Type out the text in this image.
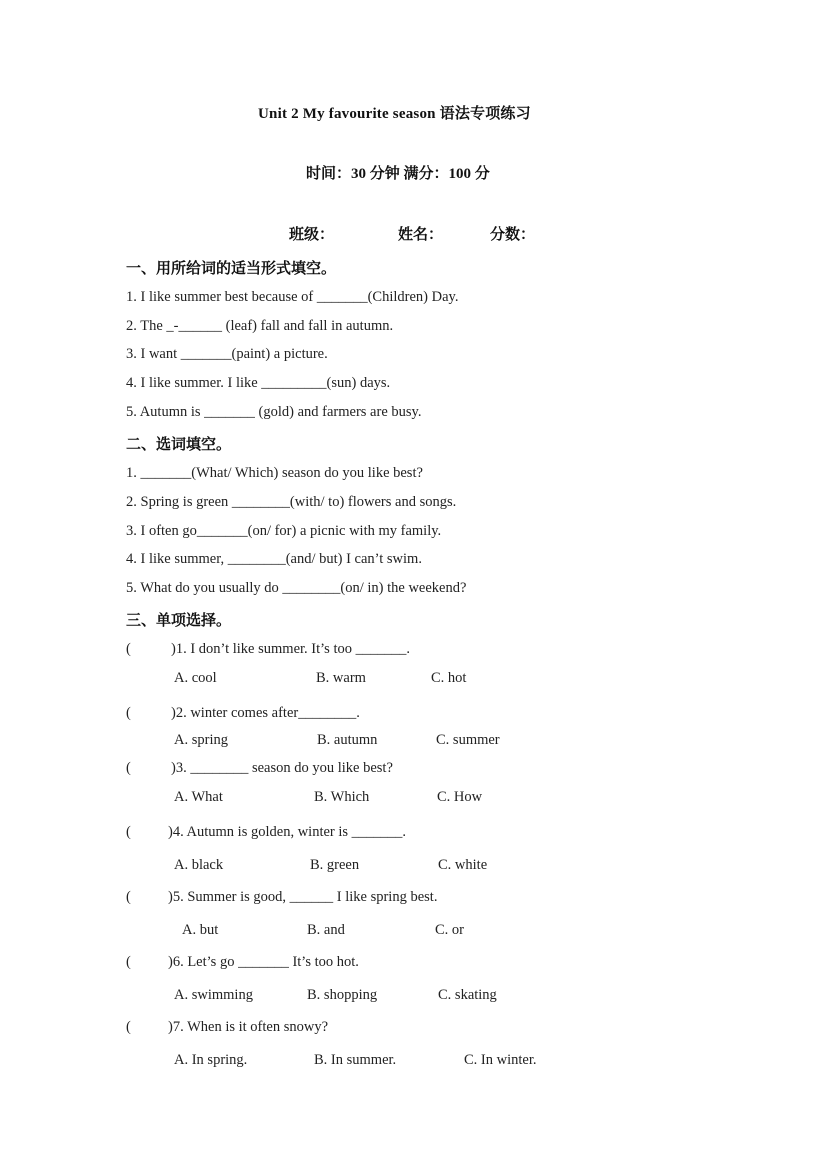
Unit 2 My favourite season 语法专项练习
时间：30 分钟 满分：100 分
班级：	姓名：	分数：
一、用所给词的适当形式填空。
1. I like summer best because of _______(Children) Day.
2. The _-______ (leaf) fall and fall in autumn.
3. I want _______(paint) a picture.
4. I like summer. I like _________(sun) days.
5. Autumn is _______ (gold) and farmers are busy.
二、选词填空。
1. _______(What/ Which) season do you like best?
2. Spring is green ________(with/ to) flowers and songs.
3. I often go_______(on/ for) a picnic with my family.
4. I like summer, ________(and/ but) I can’t swim.
5. What do you usually do ________(on/ in) the weekend?
三、单项选择。
(	)1. I don’t like summer. It’s too _______.
A. cool	B. warm	C. hot
(	)2. winter comes after________.
A. spring	B. autumn	C. summer
(	)3. ________ season do you like best?
A. What	B. Which	C. How
(	)4. Autumn is golden, winter is _______.
A. black	B. green	C. white
(	)5. Summer is good, ______ I like spring best.
A. but	B. and	C. or
(	)6. Let’s go _______ It’s too hot.
A. swimming	B. shopping	C. skating
(	)7. When is it often snowy?
A. In spring.	B. In summer.	C. In winter.
